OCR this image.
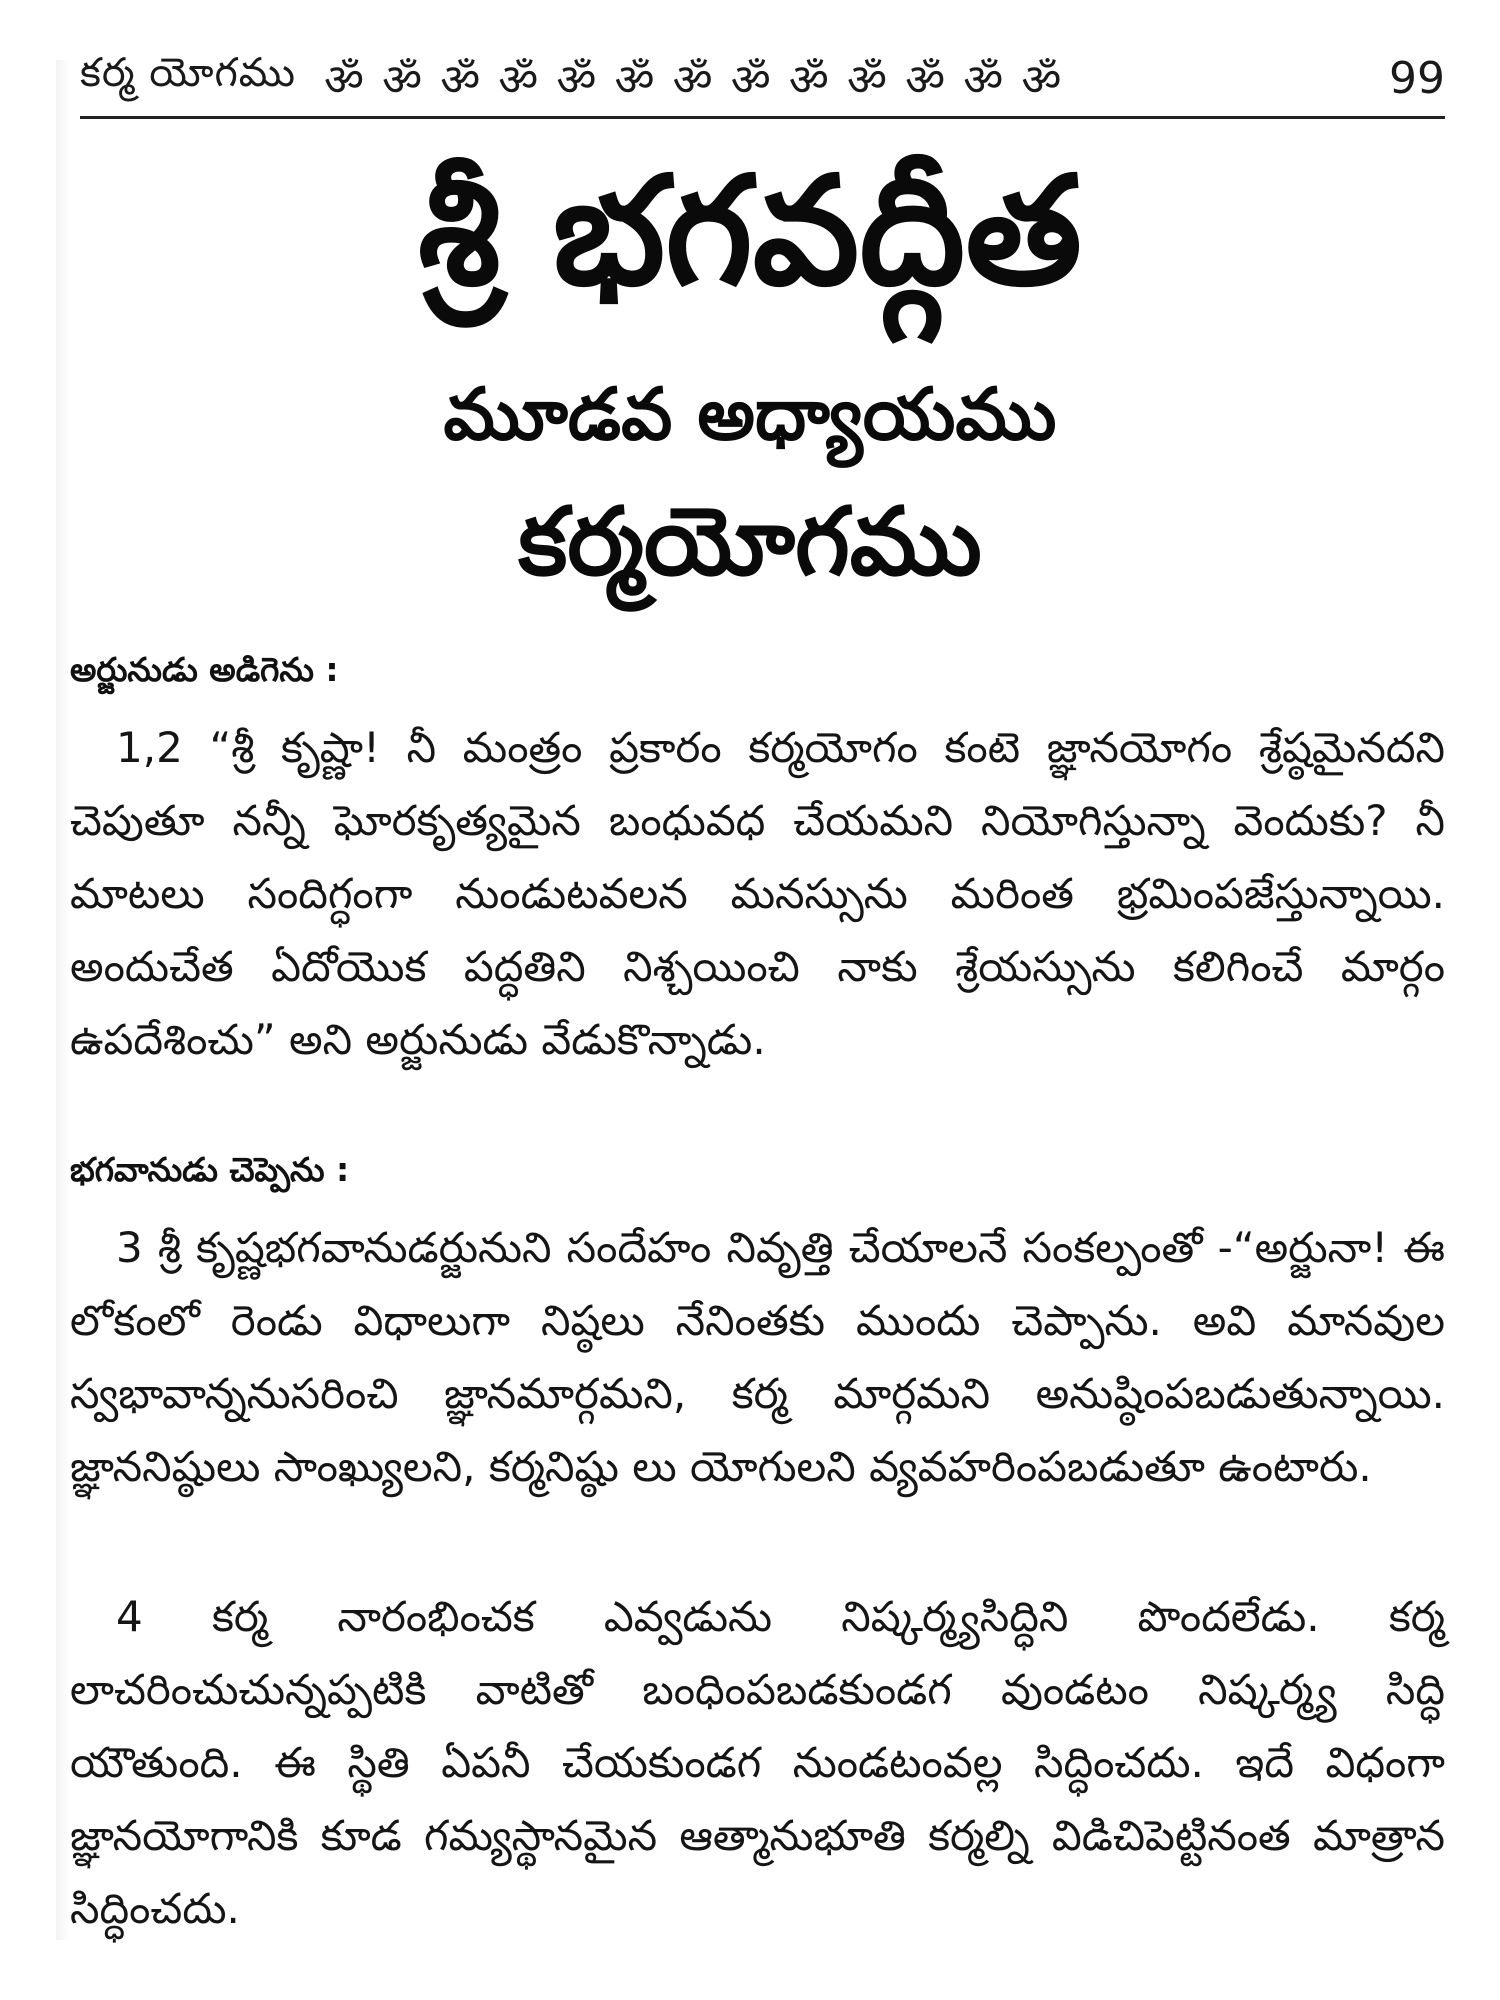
కర్మ యోగము ॐ ॐ ॐ ॐ ॐ ॐ ॐ ॐ ॐ ॐ ॐ ॐ ॐ	99
శ్రీ భగవద్గీత
మూడవ అధ్యాయము
కర్మయోగము
అర్జునుడు అడిగెను :

1,2 “శ్రీ కృష్ణా! నీ మంత్రం ప్రకారం కర్మయోగం కంటె జ్ఞానయోగం శ్రేష్ఠమైనదని చెపుతూ నన్నీ ఘోరకృత్యమైన బంధువధ చేయమని నియోగిస్తున్నా వెందుకు? నీ మాటలు సందిగ్ధంగా నుండుటవలన మనస్సును మరింత భ్రమింపజేస్తున్నాయి. అందుచేత ఏదోయొక పద్ధతిని నిశ్చయించి నాకు శ్రేయస్సును కలిగించే మార్గం ఉపదేశించు” అని అర్జునుడు వేడుకొన్నాడు.

భగవానుడు చెప్పెను :

3 శ్రీ కృష్ణభగవానుడర్జునుని సందేహం నివృత్తి చేయాలనే సంకల్పంతో -“అర్జునా! ఈ లోకంలో రెండు విధాలుగా నిష్ఠలు నేనింతకు ముందు చెప్పాను. అవి మానవుల స్వభావాన్ననుసరించి జ్ఞానమార్గమని, కర్మ మార్గమని అనుష్ఠింపబడుతున్నాయి. జ్ఞాననిష్ఠులు సాంఖ్యులని, కర్మనిష్ఠు లు యోగులని వ్యవహరింపబడుతూ ఉంటారు.

4 కర్మ నారంభించక ఎవ్వడును నిష్కర్మ్యసిద్ధిని పొందలేడు. కర్మ లాచరించుచున్నప్పటికి వాటితో బంధింపబడకుండగ వుండటం నిష్కర్మ్య సిద్ధి యౌతుంది. ఈ స్థితి ఏపనీ చేయకుండగ నుండటంవల్ల సిద్ధించదు. ఇదే విధంగా జ్ఞానయోగానికి కూడ గమ్యస్థానమైన ఆత్మానుభూతి కర్మల్ని విడిచిపెట్టినంత మాత్రాన సిద్ధించదు.
